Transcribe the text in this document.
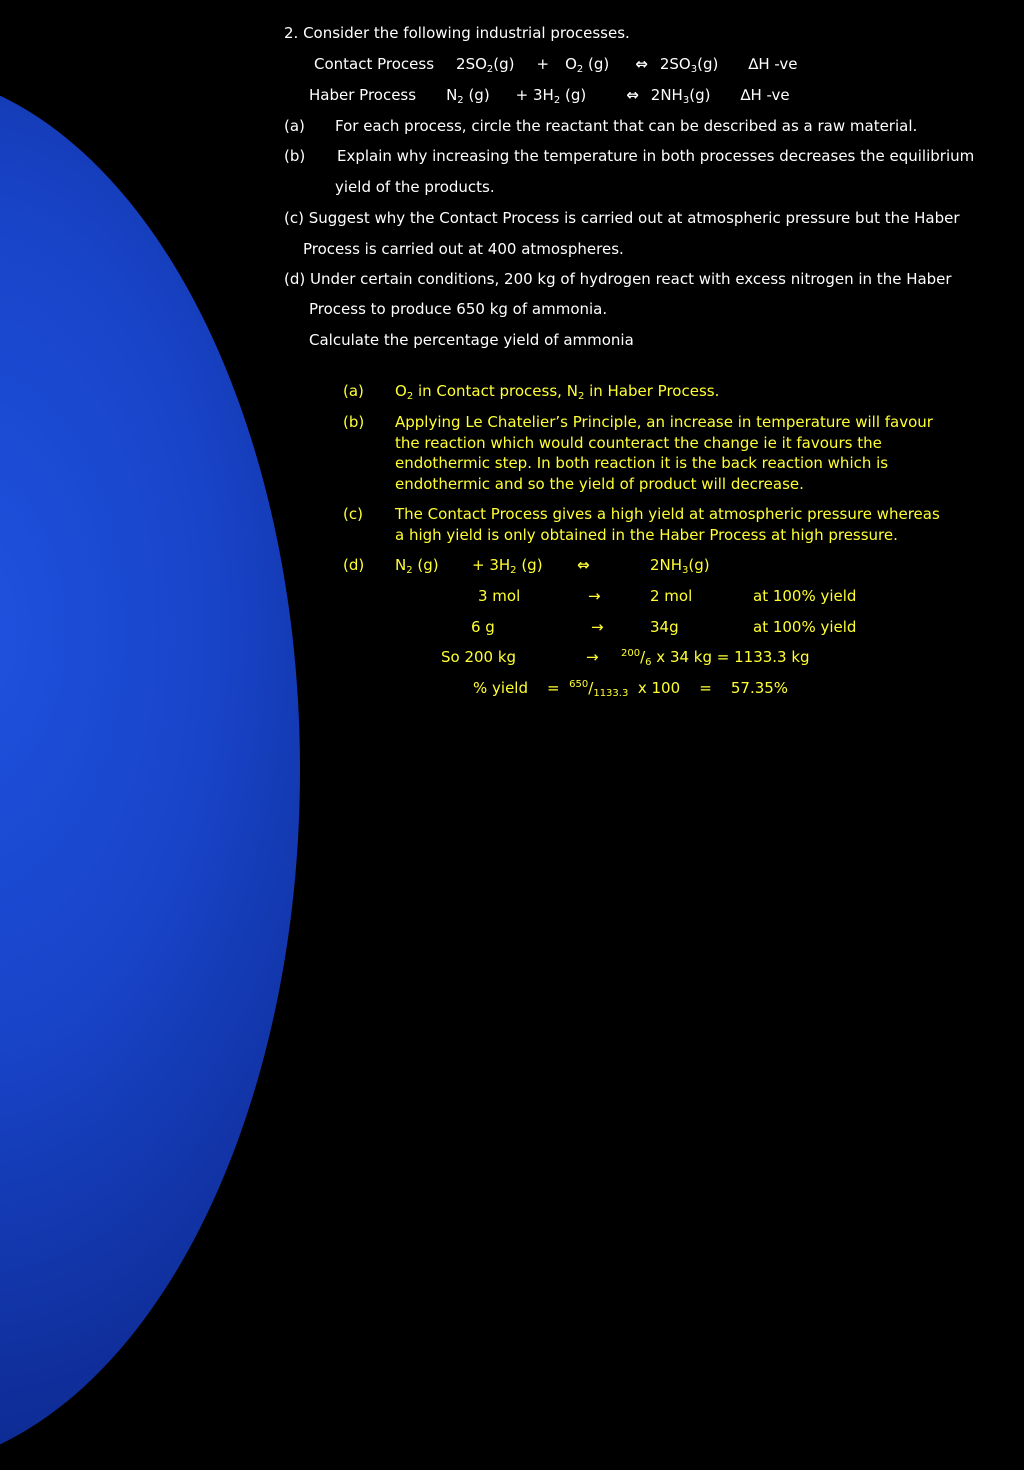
2. Consider the following industrial processes.
Contact Process $2SO_2(g) + O_2$ (g) ⇔ $2SO_3(g)$ ∆H -ve
Haber Process $N_2$ $(g) + 3H_2$ (g)	⇔ $2NH_3(g)$ ∆H -ve
(a) For each process, circle the reactant that can be described as a raw material.
(b) Explain why increasing the temperature in both processes decreases the equilibrium
yield of the products.
(c) Suggest why the Contact Process is carried out at atmospheric pressure but the Haber
Process is carried out at 400 atmospheres.
(d) Under certain conditions, 200 kg of hydrogen react with excess nitrogen in the Haber
Process to produce 650 kg of ammonia.
Calculate the percentage yield of ammonia
(a) $O_2$ in Contact process, $N_2$ in Haber Process.
(b) Applying Le Chatelier’s Principle, an increase in temperature will favour
the reaction which would counteract the change ie it favours the
endothermic step. In both reaction it is the back reaction which is
endothermic and so the yield of product will decrease.
(c) The Contact Process gives a high yield at atmospheric pressure whereas
a high yield is only obtained in the Haber Process at high pressure.
(d) $N_2$ $(g) + 3H_2$ (g) ⇔	$2NH_3(g)$
3 mol	→	2 mol	at 100% yield
6 g	→	34g	at 100% yield
So 200 kg	→ $^{200}/_6$ x 34 kg = 1133.3 kg
% yield    =  $^{650}/_{1133.3}$  x 100    =    57.35%
